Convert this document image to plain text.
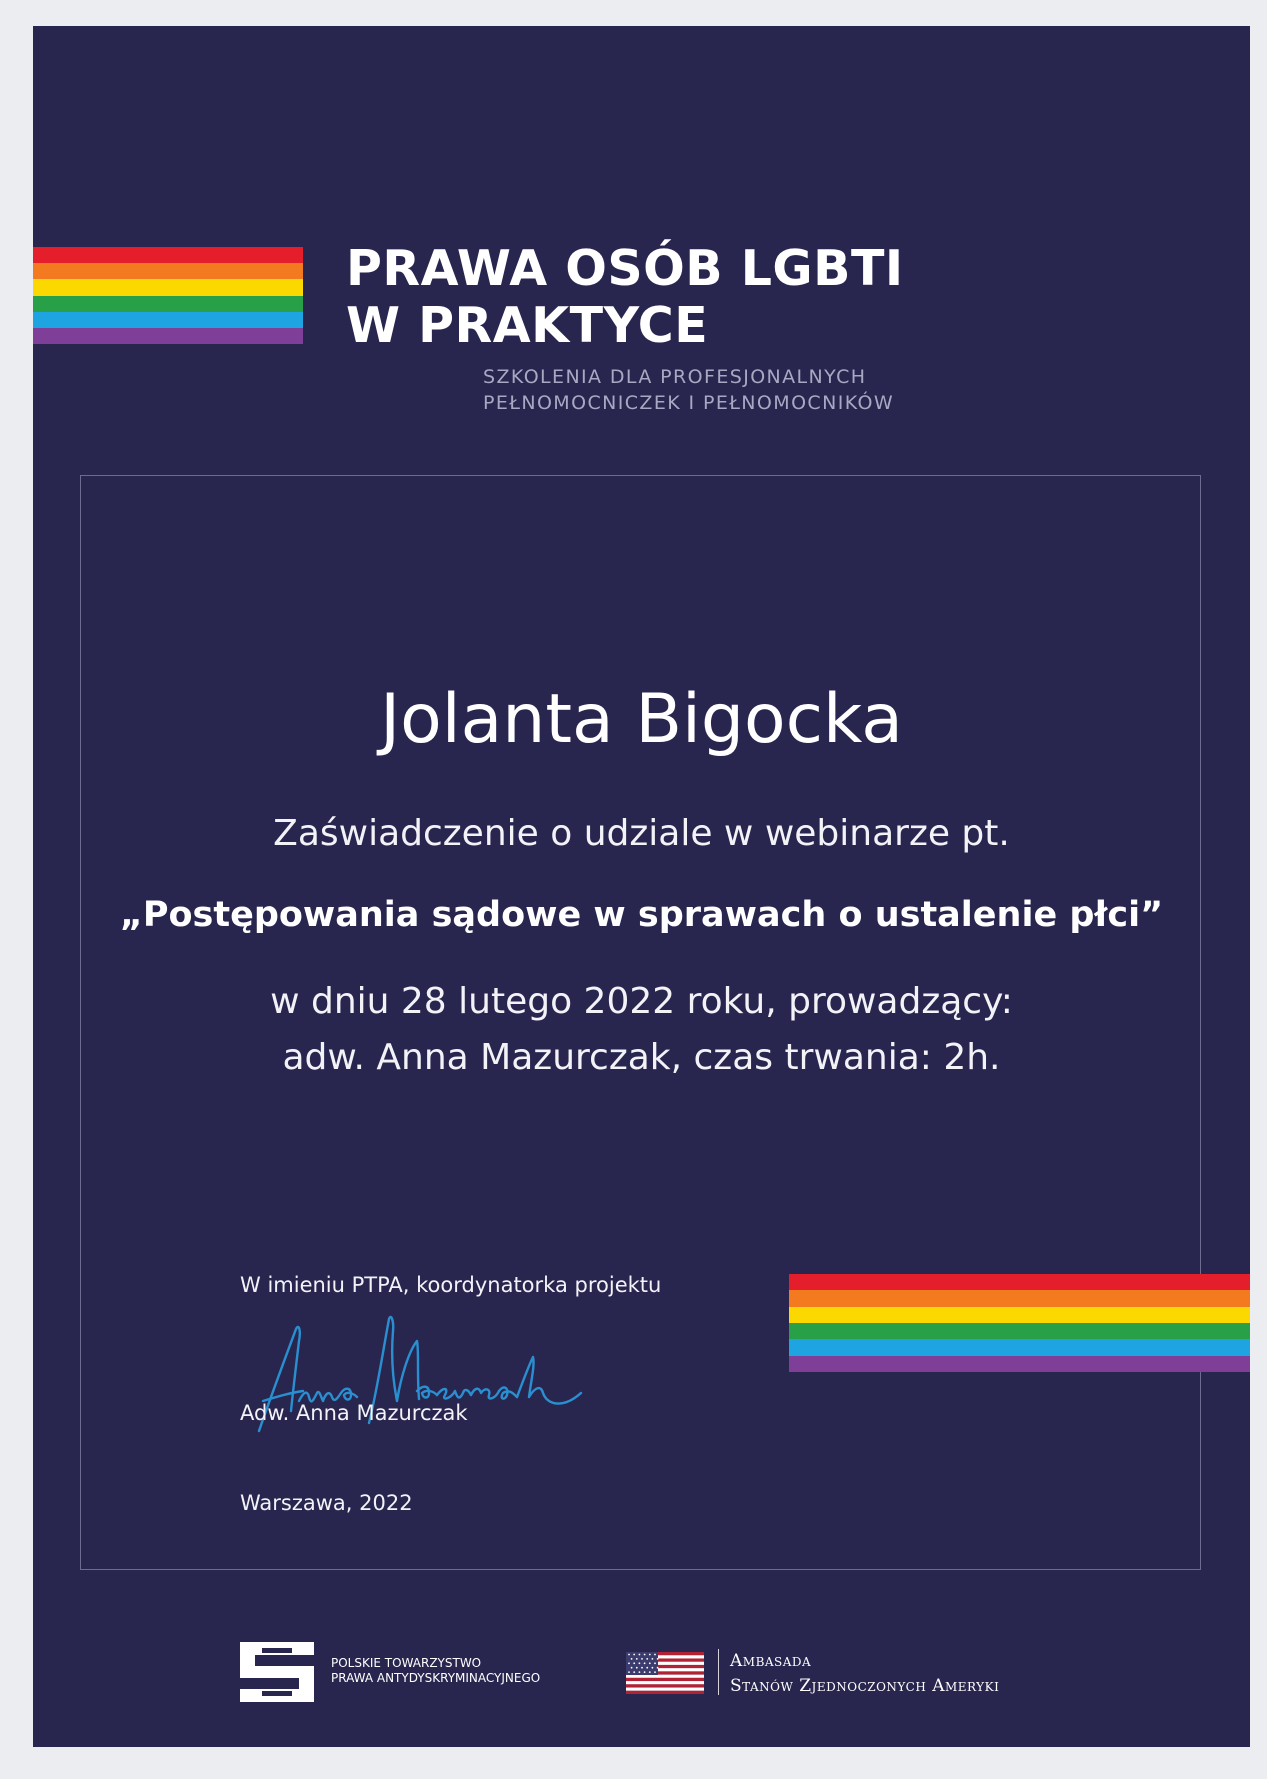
PRAWA OSÓB LGBTI
W PRAKTYCE
SZKOLENIA DLA PROFESJONALNYCH
PEŁNOMOCNICZEK I PEŁNOMOCNIKÓW
Jolanta Bigocka
Zaświadczenie o udziale w webinarze pt.
„Postępowania sądowe w sprawach o ustalenie płci”
w dniu 28 lutego 2022 roku, prowadzący:
adw. Anna Mazurczak, czas trwania: 2h.
W imieniu PTPA, koordynatorka projektu
Adw. Anna Mazurczak
Warszawa, 2022
POLSKIE TOWARZYSTWO
PRAWA ANTYDYSKRYMINACYJNEGO
Ambasada
Stanów Zjednoczonych Ameryki
